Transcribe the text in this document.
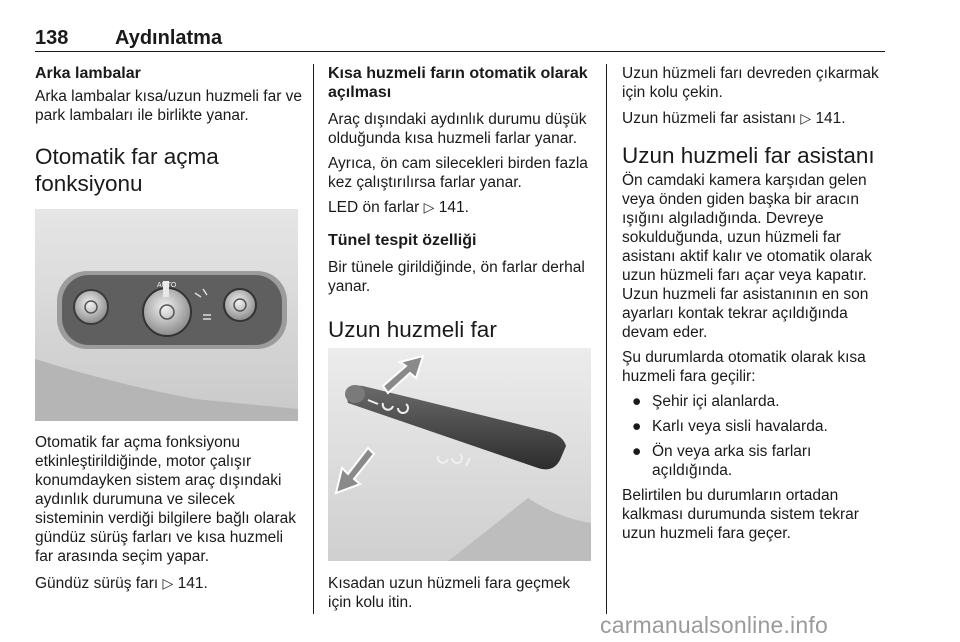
138 Aydınlatma

Arka lambalar

Arka lambalar kısa/uzun huzmeli far ve park lambaları ile birlikte yanar.

Otomatik far açma fonksiyonu

AUTO

Otomatik far açma fonksiyonu etkinleştirildiğinde, motor çalışır konumdayken sistem araç dışındaki aydınlık durumuna ve silecek sisteminin verdiği bilgilere bağlı olarak gündüz sürüş farları ve kısa huzmeli far arasında seçim yapar.

Gündüz sürüş farı ▷ 141.

Kısa huzmeli farın otomatik olarak açılması

Araç dışındaki aydınlık durumu düşük olduğunda kısa huzmeli farlar yanar.

Ayrıca, ön cam silecekleri birden fazla kez çalıştırılırsa farlar yanar.

LED ön farlar ▷ 141.

Tünel tespit özelliği

Bir tünele girildiğinde, ön farlar derhal yanar.

Uzun huzmeli far

Kısadan uzun hüzmeli fara geçmek için kolu itin.

Uzun hüzmeli farı devreden çıkarmak için kolu çekin.

Uzun hüzmeli far asistanı ▷ 141.

Uzun huzmeli far asistanı

Ön camdaki kamera karşıdan gelen veya önden giden başka bir aracın ışığını algıladığında. Devreye sokulduğunda, uzun hüzmeli far asistanı aktif kalır ve otomatik olarak uzun hüzmeli farı açar veya kapatır. Uzun huzmeli far asistanının en son ayarları kontak tekrar açıldığında devam eder.

Şu durumlarda otomatik olarak kısa huzmeli fara geçilir:

● Şehir içi alanlarda.

● Karlı veya sisli havalarda.

● Ön veya arka sis farları açıldığında.

Belirtilen bu durumların ortadan kalkması durumunda sistem tekrar uzun huzmeli fara geçer.

carmanualsonline.info
